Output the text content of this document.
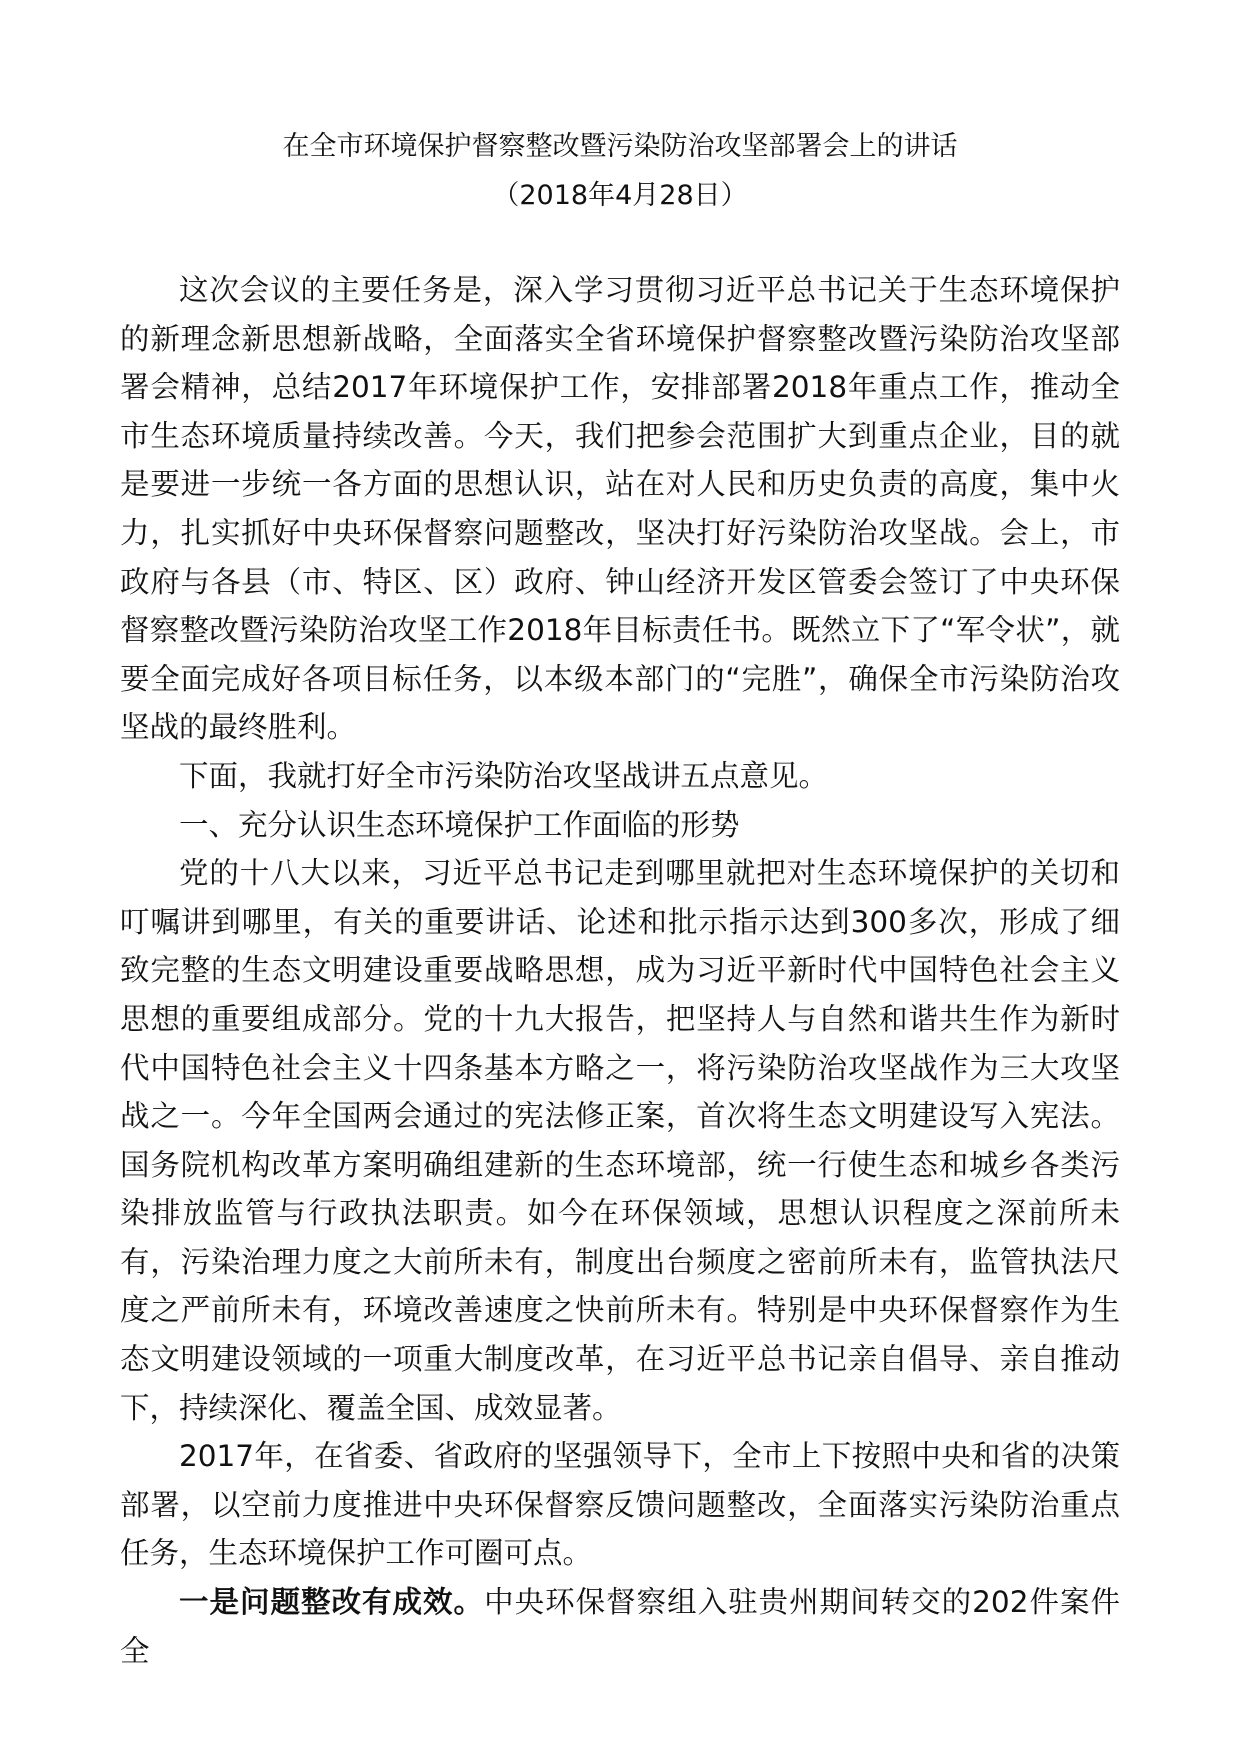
在全市环境保护督察整改暨污染防治攻坚部署会上的讲话

（2018年4月28日）

这次会议的主要任务是，深入学习贯彻习近平总书记关于生态环境保护的新理念新思想新战略，全面落实全省环境保护督察整改暨污染防治攻坚部署会精神，总结2017年环境保护工作，安排部署2018年重点工作，推动全市生态环境质量持续改善。今天，我们把参会范围扩大到重点企业，目的就是要进一步统一各方面的思想认识，站在对人民和历史负责的高度，集中火力，扎实抓好中央环保督察问题整改，坚决打好污染防治攻坚战。会上，市政府与各县（市、特区、区）政府、钟山经济开发区管委会签订了中央环保督察整改暨污染防治攻坚工作2018年目标责任书。既然立下了“军令状”，就要全面完成好各项目标任务，以本级本部门的“完胜”，确保全市污染防治攻坚战的最终胜利。

下面，我就打好全市污染防治攻坚战讲五点意见。

一、充分认识生态环境保护工作面临的形势

党的十八大以来，习近平总书记走到哪里就把对生态环境保护的关切和叮嘱讲到哪里，有关的重要讲话、论述和批示指示达到300多次，形成了细致完整的生态文明建设重要战略思想，成为习近平新时代中国特色社会主义思想的重要组成部分。党的十九大报告，把坚持人与自然和谐共生作为新时代中国特色社会主义十四条基本方略之一，将污染防治攻坚战作为三大攻坚战之一。今年全国两会通过的宪法修正案，首次将生态文明建设写入宪法。国务院机构改革方案明确组建新的生态环境部，统一行使生态和城乡各类污染排放监管与行政执法职责。如今在环保领域，思想认识程度之深前所未有，污染治理力度之大前所未有，制度出台频度之密前所未有，监管执法尺度之严前所未有，环境改善速度之快前所未有。特别是中央环保督察作为生态文明建设领域的一项重大制度改革，在习近平总书记亲自倡导、亲自推动下，持续深化、覆盖全国、成效显著。

2017年，在省委、省政府的坚强领导下，全市上下按照中央和省的决策部署，以空前力度推进中央环保督察反馈问题整改，全面落实污染防治重点任务，生态环境保护工作可圈可点。

一是问题整改有成效。中央环保督察组入驻贵州期间转交的202件案件全
